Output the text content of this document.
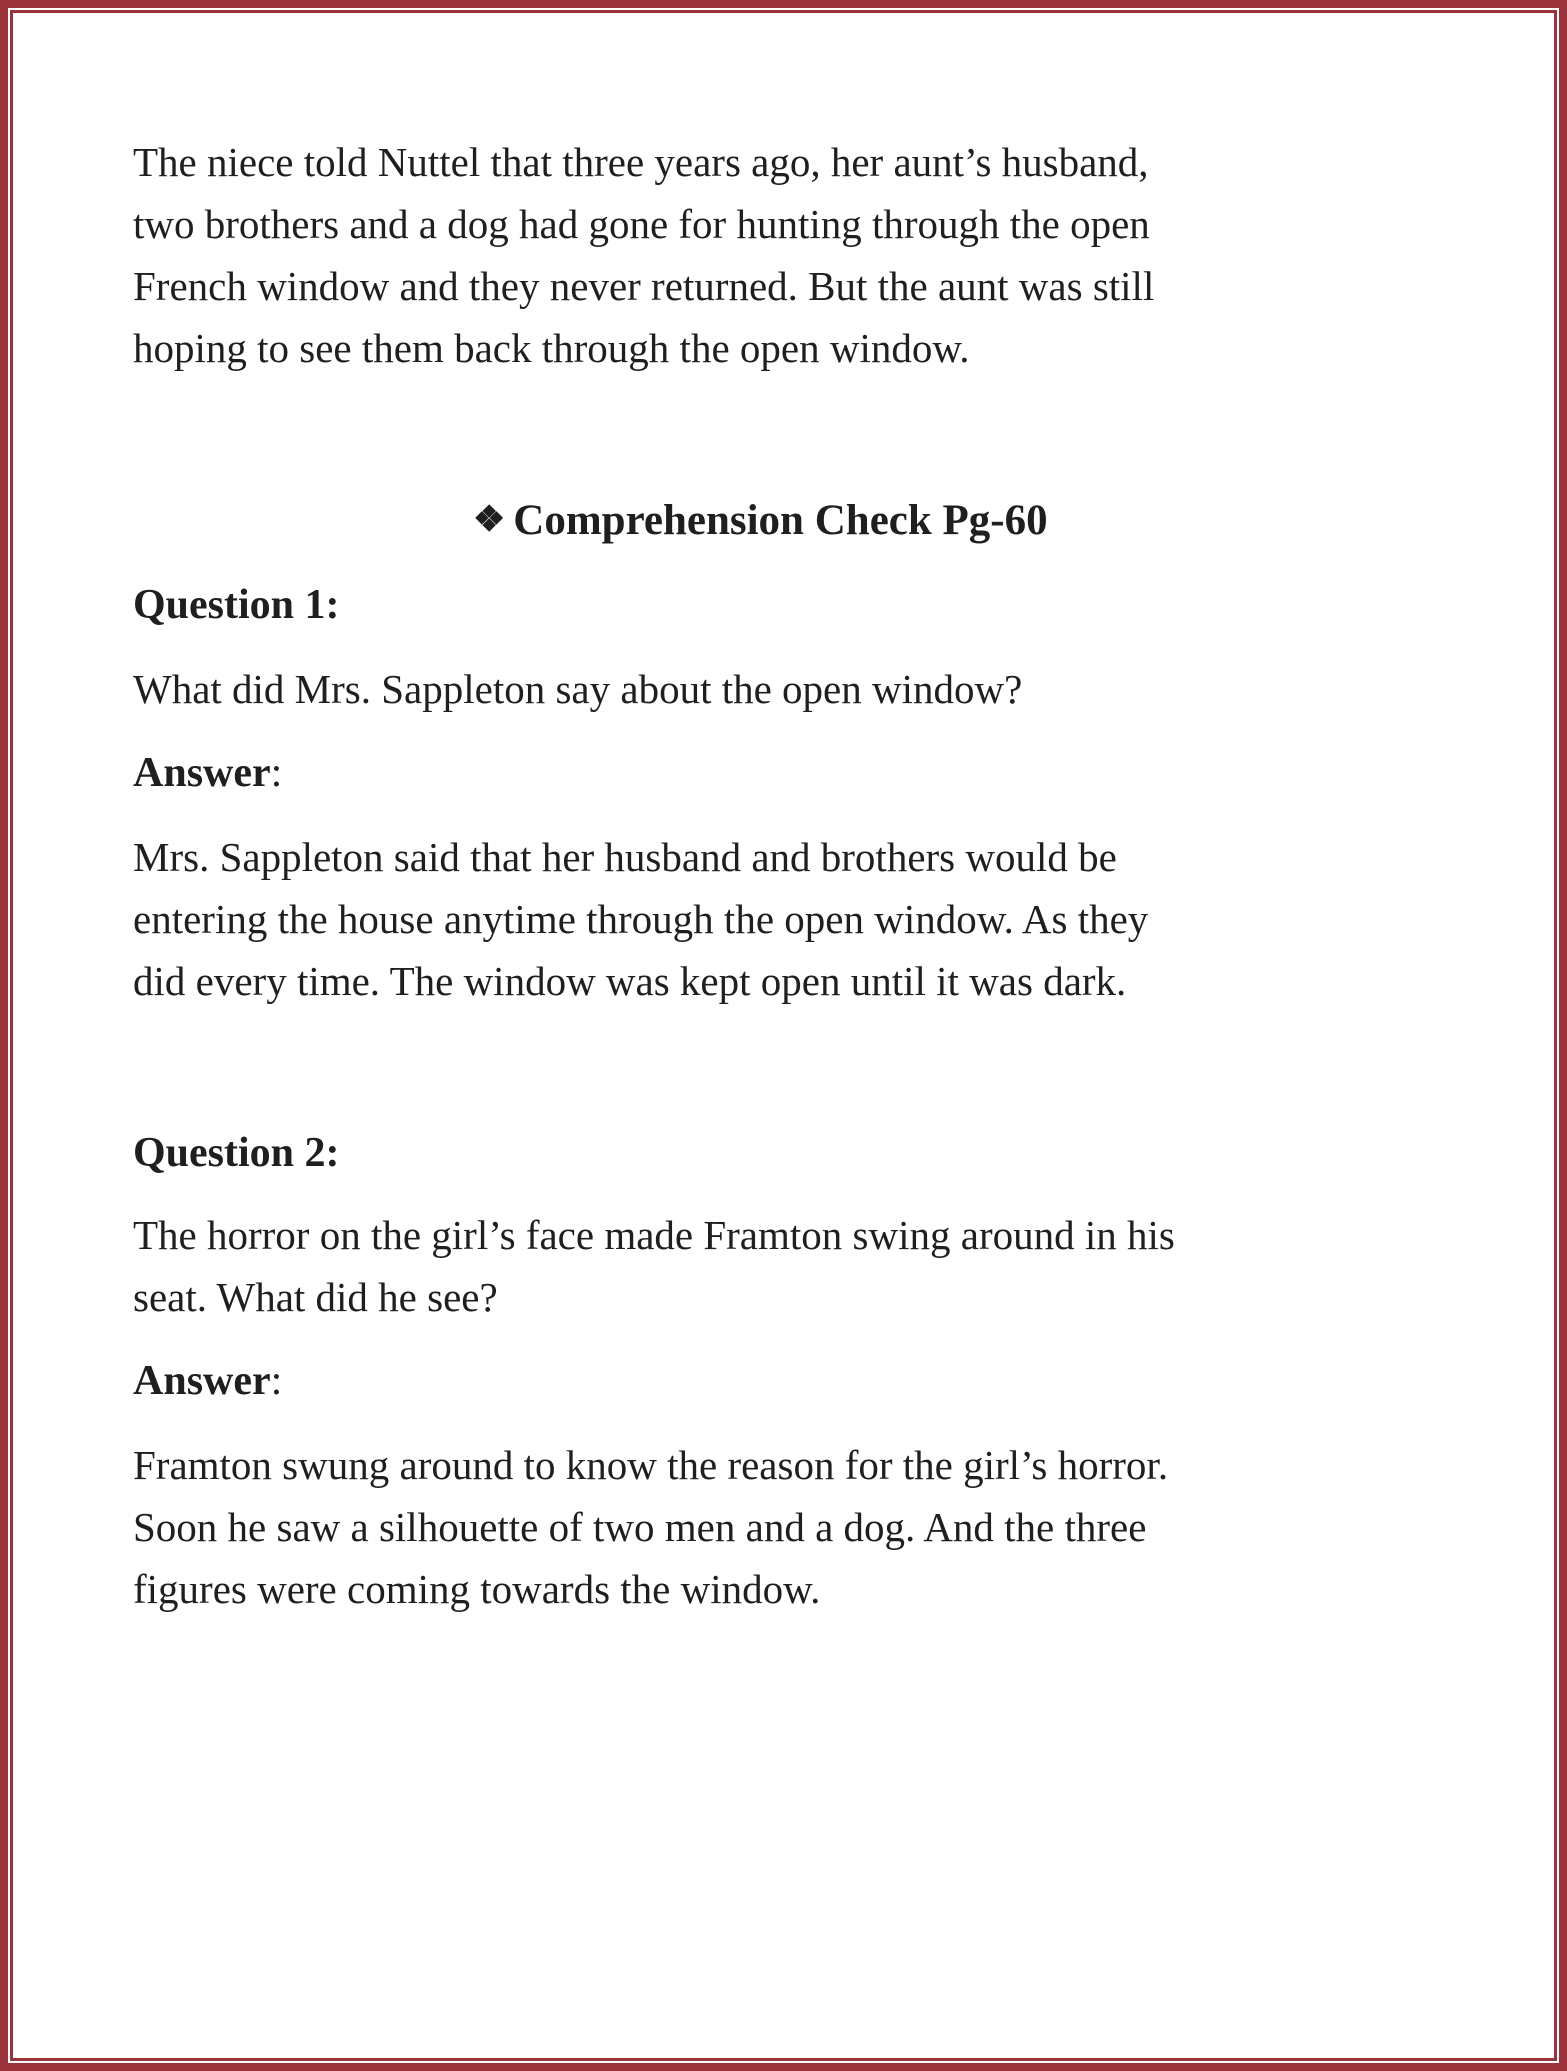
The niece told Nuttel that three years ago, her aunt’s husband,
two brothers and a dog had gone for hunting through the open
French window and they never returned. But the aunt was still
hoping to see them back through the open window.

❖ Comprehension Check Pg-60
Question 1:

What did Mrs. Sappleton say about the open window?

Answer:

Mrs. Sappleton said that her husband and brothers would be
entering the house anytime through the open window. As they
did every time. The window was kept open until it was dark.

Question 2:

The horror on the girl’s face made Framton swing around in his
seat. What did he see?

Answer:

Framton swung around to know the reason for the girl’s horror.
Soon he saw a silhouette of two men and a dog. And the three
figures were coming towards the window.
